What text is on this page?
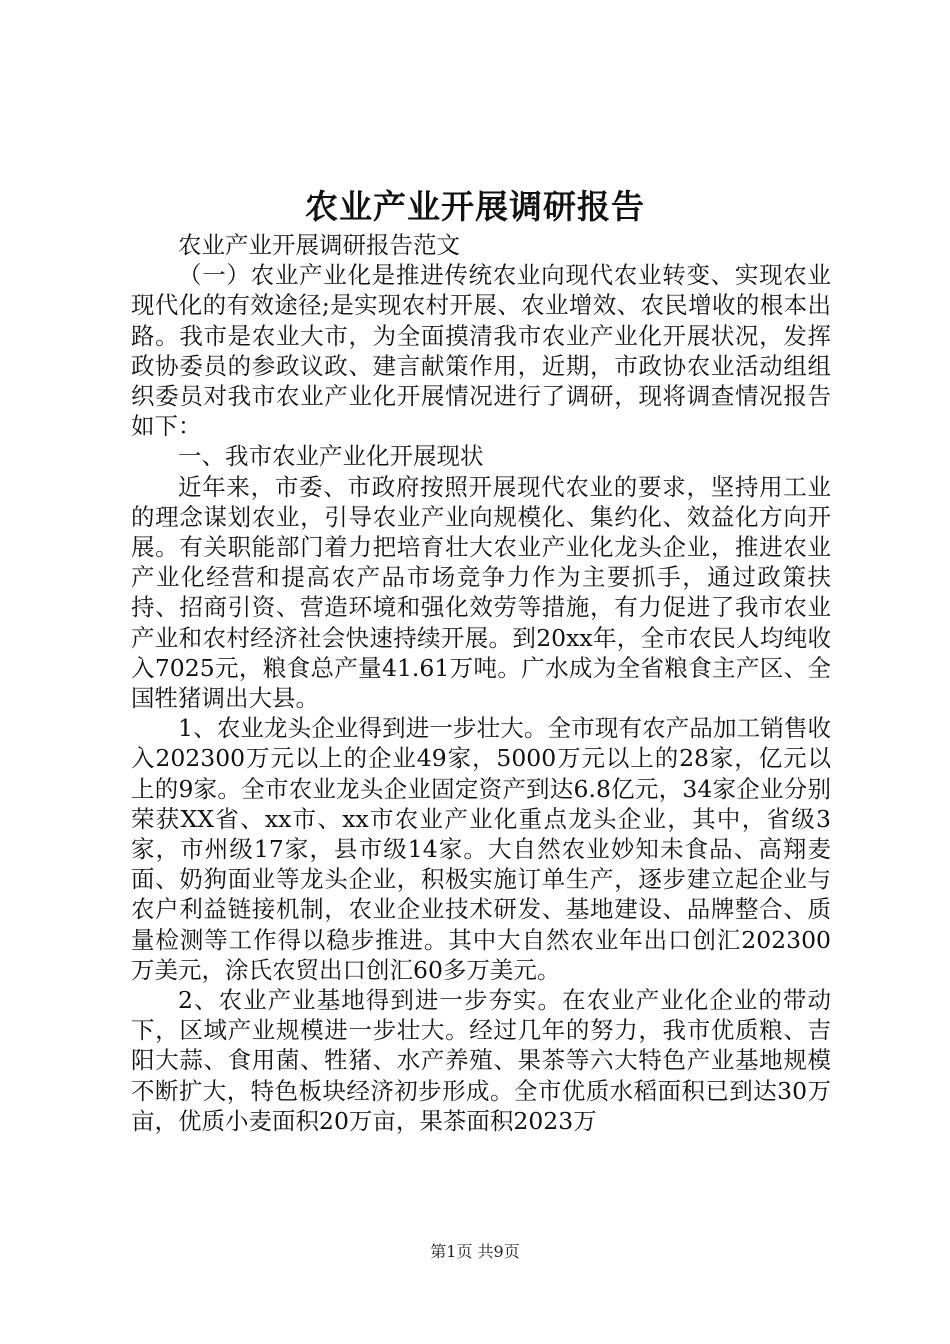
农业产业开展调研报告

农业产业开展调研报告范文

（一）农业产业化是推进传统农业向现代农业转变、实现农业现代化的有效途径;是实现农村开展、农业增效、农民增收的根本出路。我市是农业大市，为全面摸清我市农业产业化开展状况，发挥政协委员的参政议政、建言献策作用，近期，市政协农业活动组组织委员对我市农业产业化开展情况进行了调研，现将调查情况报告如下：

一、我市农业产业化开展现状

近年来，市委、市政府按照开展现代农业的要求，坚持用工业的理念谋划农业，引导农业产业向规模化、集约化、效益化方向开展。有关职能部门着力把培育壮大农业产业化龙头企业，推进农业产业化经营和提高农产品市场竞争力作为主要抓手，通过政策扶持、招商引资、营造环境和强化效劳等措施，有力促进了我市农业产业和农村经济社会快速持续开展。到20xx年，全市农民人均纯收入7025元，粮食总产量41.61万吨。广水成为全省粮食主产区、全国牲猪调出大县。

1、农业龙头企业得到进一步壮大。全市现有农产品加工销售收入202300万元以上的企业49家，5000万元以上的28家，亿元以上的9家。全市农业龙头企业固定资产到达6.8亿元，34家企业分别荣获XX省、xx市、xx市农业产业化重点龙头企业，其中，省级3家，市州级17家，县市级14家。大自然农业妙知未食品、高翔麦面、奶狗面业等龙头企业，积极实施订单生产，逐步建立起企业与农户利益链接机制，农业企业技术研发、基地建设、品牌整合、质量检测等工作得以稳步推进。其中大自然农业年出口创汇202300万美元，涂氏农贸出口创汇60多万美元。

2、农业产业基地得到进一步夯实。在农业产业化企业的带动下，区域产业规模进一步壮大。经过几年的努力，我市优质粮、吉阳大蒜、食用菌、牲猪、水产养殖、果茶等六大特色产业基地规模不断扩大，特色板块经济初步形成。全市优质水稻面积已到达30万亩，优质小麦面积20万亩，果茶面积2023万

第1页 共9页
